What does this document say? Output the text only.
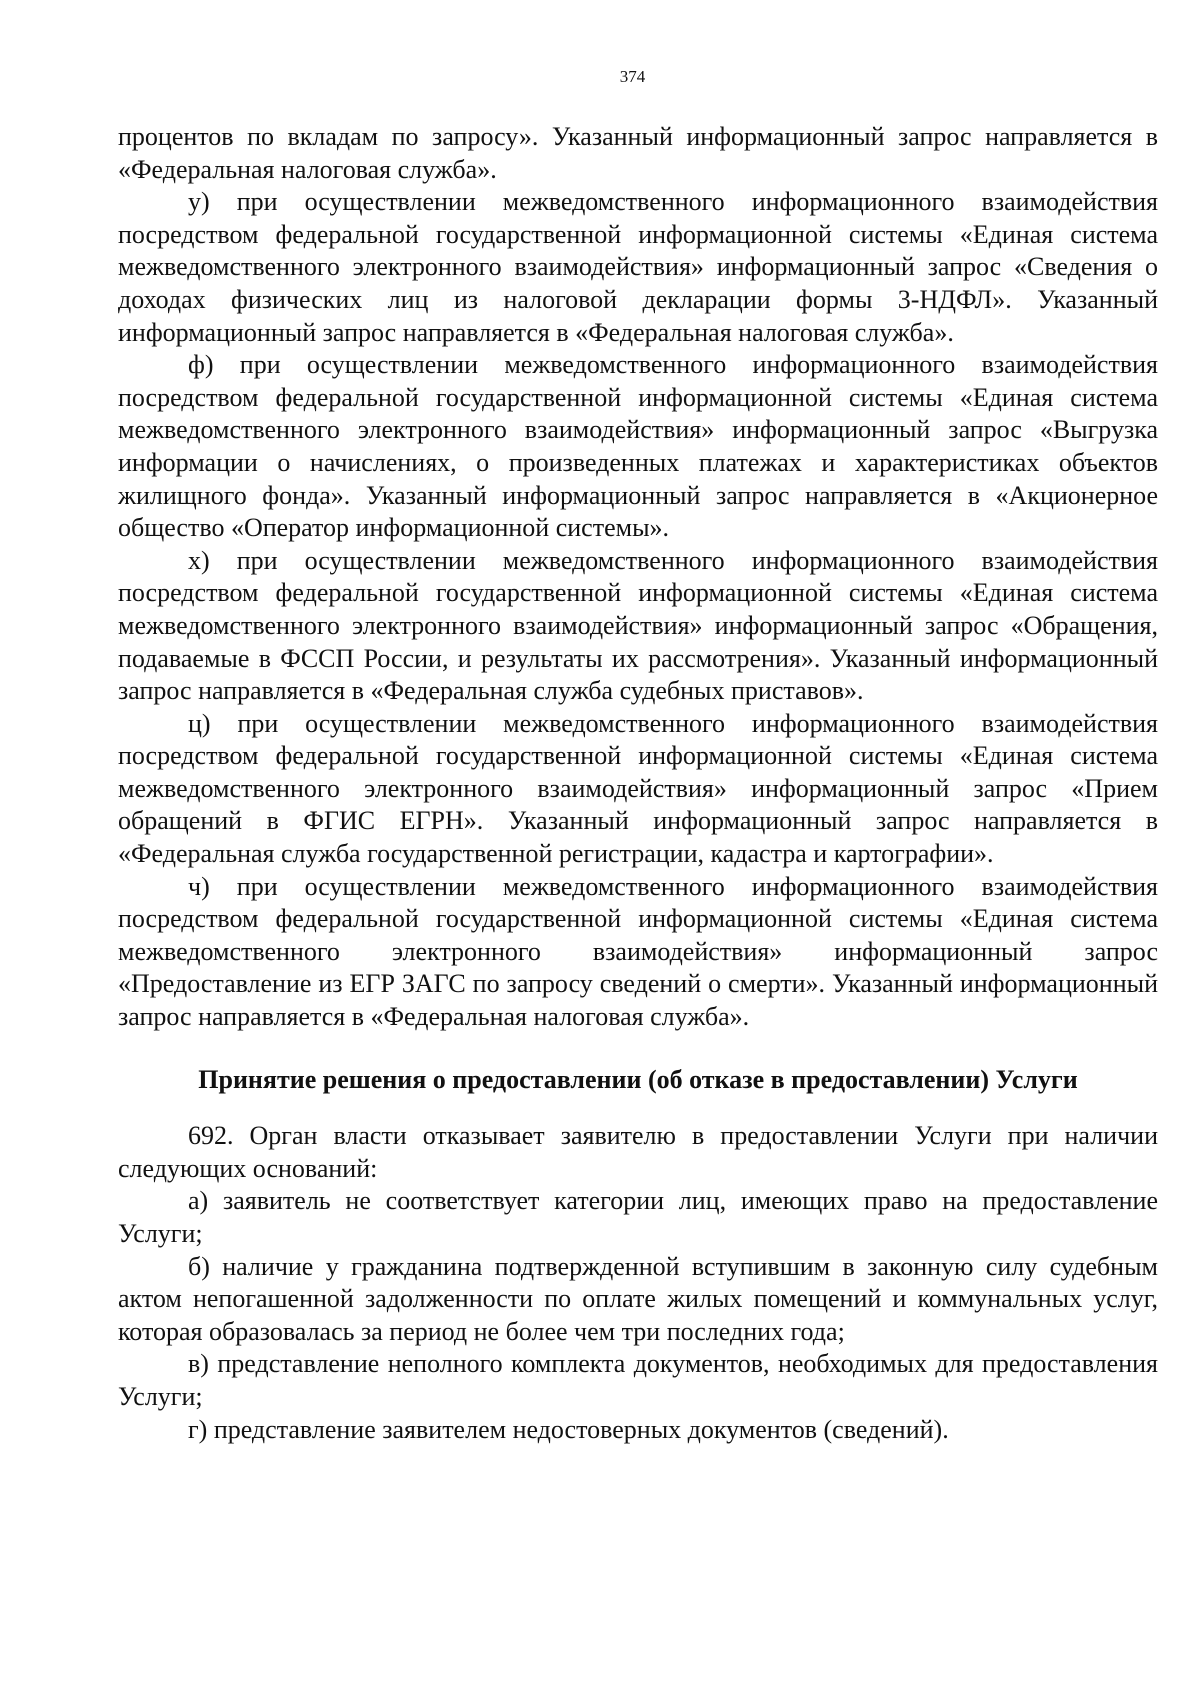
374

процентов по вкладам по запросу». Указанный информационный запрос направляется в «Федеральная налоговая служба».

у) при осуществлении межведомственного информационного взаимодействия посредством федеральной государственной информационной системы «Единая система межведомственного электронного взаимодействия» информационный запрос «Сведения о доходах физических лиц из налоговой декларации формы 3-НДФЛ». Указанный информационный запрос направляется в «Федеральная налоговая служба».

ф) при осуществлении межведомственного информационного взаимодействия посредством федеральной государственной информационной системы «Единая система межведомственного электронного взаимодействия» информационный запрос «Выгрузка информации о начислениях, о произведенных платежах и характеристиках объектов жилищного фонда». Указанный информационный запрос направляется в «Акционерное общество «Оператор информационной системы».

х) при осуществлении межведомственного информационного взаимодействия посредством федеральной государственной информационной системы «Единая система межведомственного электронного взаимодействия» информационный запрос «Обращения, подаваемые в ФССП России, и результаты их рассмотрения». Указанный информационный запрос направляется в «Федеральная служба судебных приставов».

ц) при осуществлении межведомственного информационного взаимодействия посредством федеральной государственной информационной системы «Единая система межведомственного электронного взаимодействия» информационный запрос «Прием обращений в ФГИС ЕГРН». Указанный информационный запрос направляется в «Федеральная служба государственной регистрации, кадастра и картографии».

ч) при осуществлении межведомственного информационного взаимодействия посредством федеральной государственной информационной системы «Единая система межведомственного электронного взаимодействия» информационный запрос «Предоставление из ЕГР ЗАГС по запросу сведений о смерти». Указанный информационный запрос направляется в «Федеральная налоговая служба».

Принятие решения о предоставлении (об отказе в предоставлении) Услуги

692. Орган власти отказывает заявителю в предоставлении Услуги при наличии следующих оснований:

а) заявитель не соответствует категории лиц, имеющих право на предоставление Услуги;

б) наличие у гражданина подтвержденной вступившим в законную силу судебным актом непогашенной задолженности по оплате жилых помещений и коммунальных услуг, которая образовалась за период не более чем три последних года;

в) представление неполного комплекта документов, необходимых для предоставления Услуги;

г) представление заявителем недостоверных документов (сведений).
